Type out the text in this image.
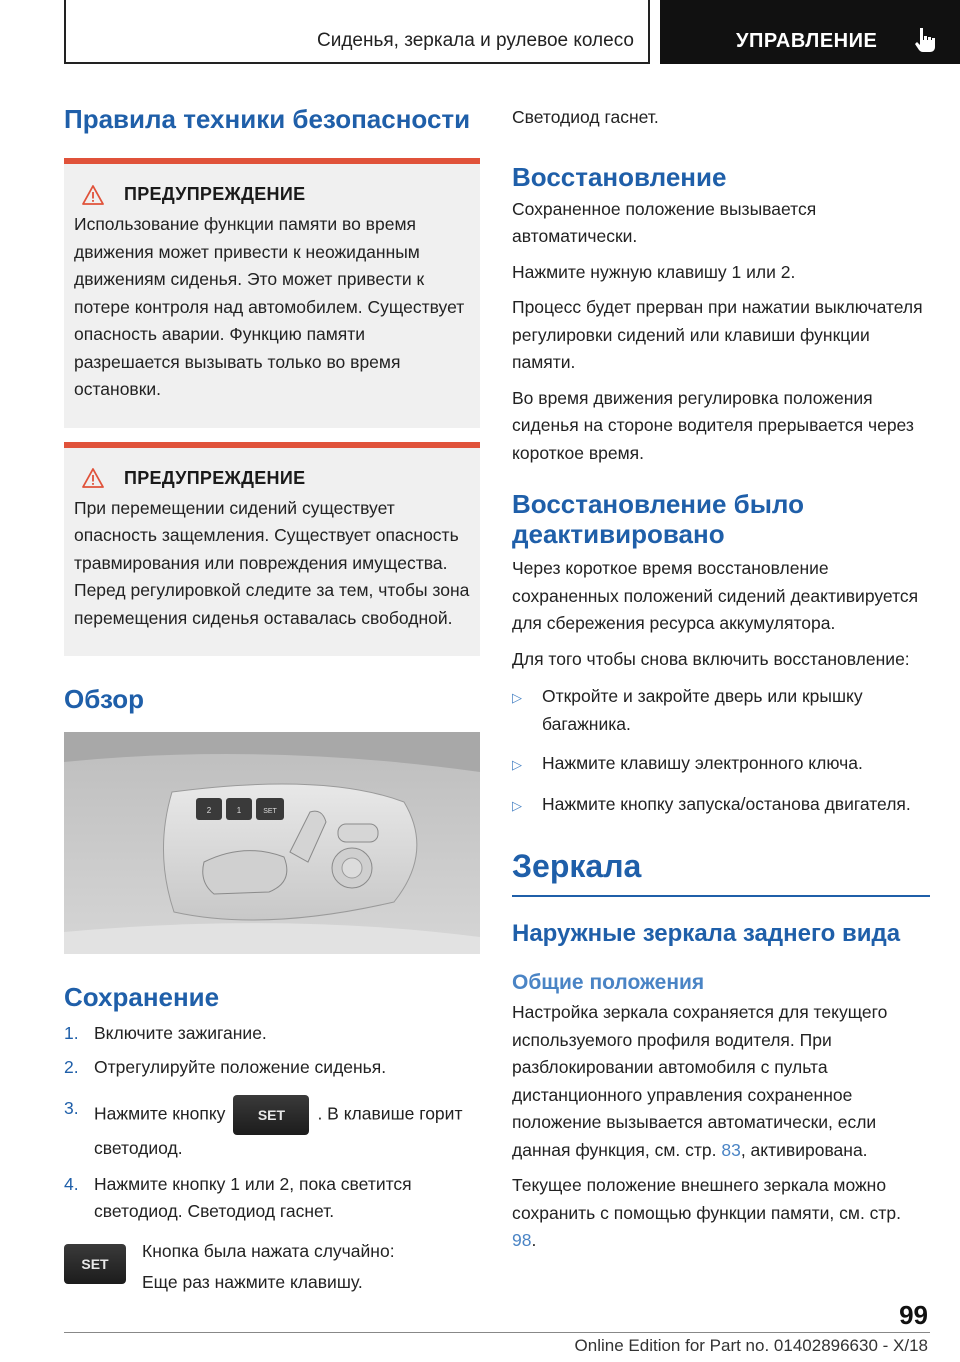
Сиденья, зеркала и рулевое колесо	УПРАВЛЕНИЕ
Правила техники безопасности
ПРЕДУПРЕЖДЕНИЕ

Использование функции памяти во время движения может привести к неожиданным движениям сиденья. Это может привести к потере контроля над автомобилем. Существует опасность аварии. Функцию памяти разрешается вызывать только во время остановки.

ПРЕДУПРЕЖДЕНИЕ

При перемещении сидений существует опасность защемления. Существует опасность травмирования или повреждения имущества. Перед регулировкой следите за тем, чтобы зона перемещения сиденья оставалась свободной.

Обзор
2	1	SET
Сохранение
1. Включите зажигание.
2. Отрегулируйте положение сиденья.
3. Нажмите кнопку SET . В клавише горит светодиод.
4. Нажмите кнопку 1 или 2, пока светится светодиод. Светодиод гаснет.
SET

Кнопка была нажата случайно:

Еще раз нажмите клавишу.

Светодиод гаснет.

Восстановление

Сохраненное положение вызывается автоматически.

Нажмите нужную клавишу 1 или 2.

Процесс будет прерван при нажатии выключателя регулировки сидений или клавиши функции памяти.

Во время движения регулировка положения сиденья на стороне водителя прерывается через короткое время.

Восстановление было деактивировано

Через короткое время восстановление сохраненных положений сидений деактивируется для сбережения ресурса аккумулятора.

Для того чтобы снова включить восстановление:

▷	Откройте и закройте дверь или крышку багажника.
▷	Нажмите клавишу электронного ключа.
▷	Нажмите кнопку запуска/останова двигателя.
Зеркала
Наружные зеркала заднего вида
Общие положения

Настройка зеркала сохраняется для текущего используемого профиля водителя. При разблокировании автомобиля с пульта дистанционного управления сохраненное положение вызывается автоматически, если данная функция, см. стр. 83, активирована.

Текущее положение внешнего зеркала можно сохранить с помощью функции памяти, см. стр. 98.

99
Online Edition for Part no. 01402896630 - X/18
